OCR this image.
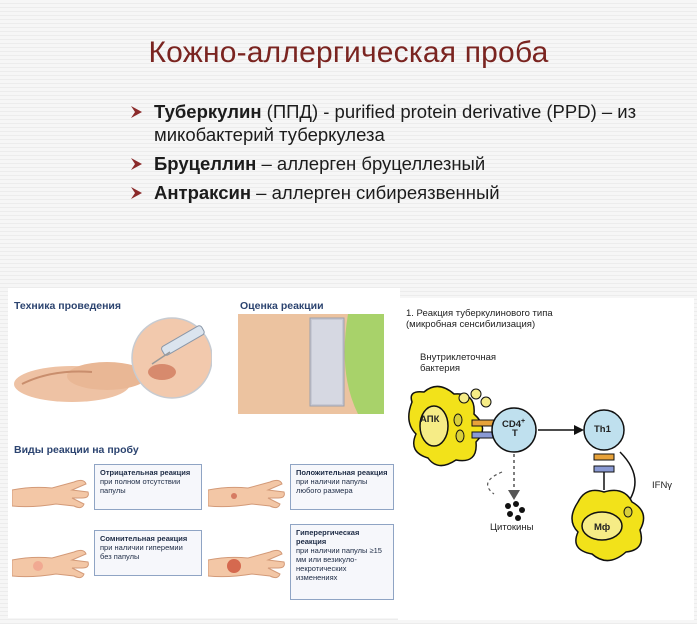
Кожно-аллергическая проба
Туберкулин (ППД) - purified protein derivative (PPD) – из микобактерий туберкулеза
Бруцеллин – аллерген бруцеллезный
Антраксин – аллерген сибиреязвенный
Техника проведения	Оценка реакции
Виды реакции на пробу
Отрицательная реакция
при полном отсутствии папулы
Положительная реакция
при наличии папулы любого размера
Сомнительная реакция
при наличии гиперемии без папулы
Гиперергическая реакция
при наличии папулы ≥15 мм или везикуло-некротических изменениях
1. Реакция туберкулинового типа
(микробная сенсибилизация)
Внутриклеточная бактерия
АПК	CD4+
T	Th1
Цитокины
IFNγ
Мф
